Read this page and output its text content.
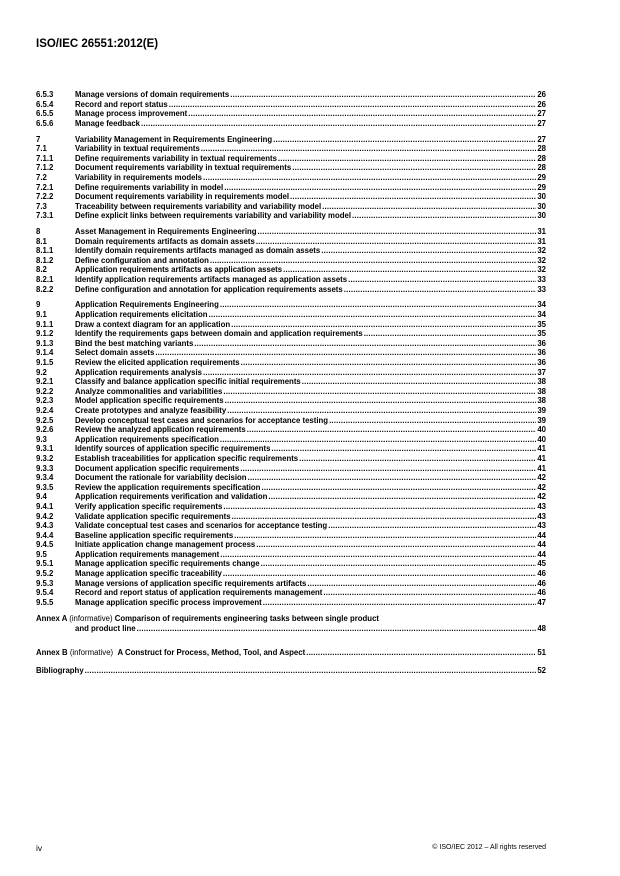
ISO/IEC 26551:2012(E)
6.5.3	Manage versions of domain requirements .....	26
6.5.4	Record and report status .....	26
6.5.5	Manage process improvement .....	27
6.5.6	Manage feedback .....	27
7	Variability Management in Requirements Engineering .....	27
7.1	Variability in textual requirements .....	28
7.1.1	Define requirements variability in textual requirements .....	28
7.1.2	Document requirements variability in textual requirements .....	28
7.2	Variability in requirements models .....	29
7.2.1	Define requirements variability in model .....	29
7.2.2	Document requirements variability in requirements model .....	30
7.3	Traceability between requirements variability and variability model .....	30
7.3.1	Define explicit links between requirements variability and variability model .....	30
8	Asset Management in Requirements Engineering .....	31
8.1	Domain requirements artifacts as domain assets .....	31
8.1.1	Identify domain requirements artifacts managed as domain assets .....	32
8.1.2	Define configuration and annotation .....	32
8.2	Application requirements artifacts as application assets .....	32
8.2.1	Identify application requirements artifacts managed as application assets .....	33
8.2.2	Define configuration and annotation for application requirements assets .....	33
9	Application Requirements Engineering .....	34
9.1	Application requirements elicitation .....	34
9.1.1	Draw a context diagram for an application .....	35
9.1.2	Identify the requirements gaps between domain and application requirements .....	35
9.1.3	Bind the best matching variants .....	36
9.1.4	Select domain assets .....	36
9.1.5	Review the elicited application requirements .....	36
9.2	Application requirements analysis .....	37
9.2.1	Classify and balance application specific initial requirements .....	38
9.2.2	Analyze commonalities and variabilities .....	38
9.2.3	Model application specific requirements .....	38
9.2.4	Create prototypes and analyze feasibility .....	39
9.2.5	Develop conceptual test cases and scenarios for acceptance testing .....	39
9.2.6	Review the analyzed application requirements .....	40
9.3	Application requirements specification .....	40
9.3.1	Identify sources of application specific requirements .....	41
9.3.2	Establish traceabilities for application specific requirements .....	41
9.3.3	Document application specific requirements .....	41
9.3.4	Document the rationale for variability decision .....	42
9.3.5	Review the application requirements specification .....	42
9.4	Application requirements verification and validation .....	42
9.4.1	Verify application specific requirements .....	43
9.4.2	Validate application specific requirements .....	43
9.4.3	Validate conceptual test cases and scenarios for acceptance testing .....	43
9.4.4	Baseline application specific requirements .....	44
9.4.5	Initiate application change management process .....	44
9.5	Application requirements management .....	44
9.5.1	Manage application specific requirements change .....	45
9.5.2	Manage application specific traceability .....	46
9.5.3	Manage versions of application specific requirements artifacts .....	46
9.5.4	Record and report status of application requirements management .....	46
9.5.5	Manage application specific process improvement .....	47
Annex A (informative) Comparison of requirements engineering tasks between single product
and product line .....	48
Annex B
(informative)
A Construct for Process, Method, Tool, and Aspect .....	51
Bibliography .....	52
iv	© ISO/IEC 2012 – All rights reserved
